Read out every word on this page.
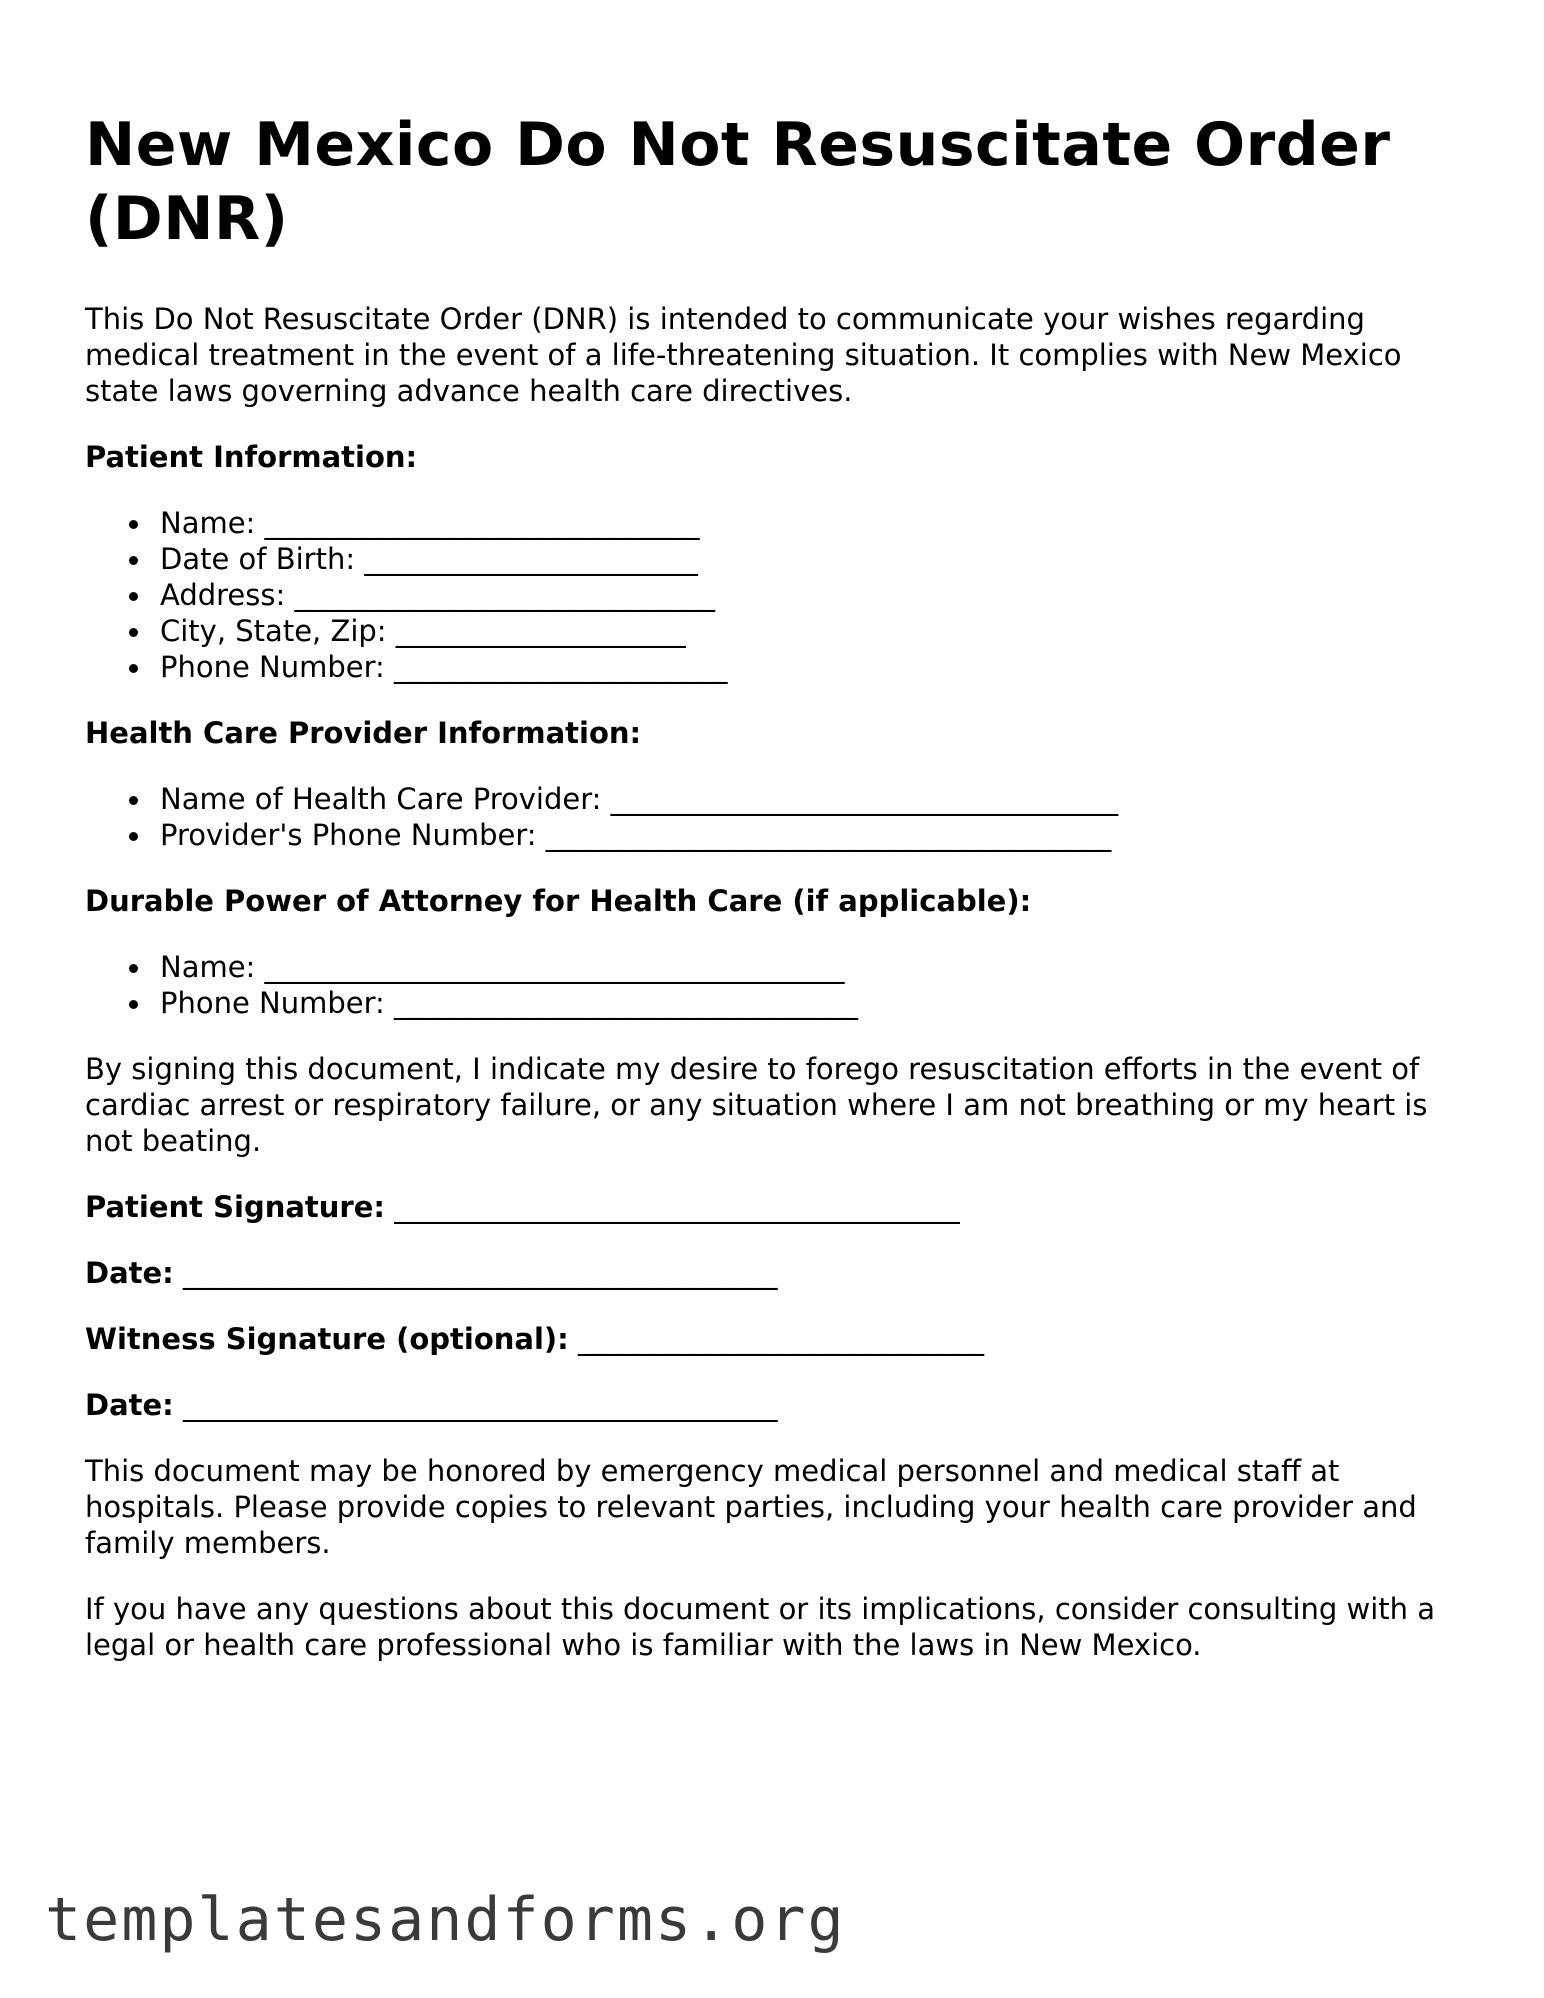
New Mexico Do Not Resuscitate Order (DNR)

This Do Not Resuscitate Order (DNR) is intended to communicate your wishes regarding medical treatment in the event of a life-threatening situation. It complies with New Mexico state laws governing advance health care directives.

Patient Information:
Name: ______________________________
Date of Birth: _______________________
Address: _____________________________
City, State, Zip: ____________________
Phone Number: _______________________
Health Care Provider Information:
Name of Health Care Provider: ___________________________________
Provider's Phone Number: _______________________________________
Durable Power of Attorney for Health Care (if applicable):
Name: ________________________________________
Phone Number: ________________________________

By signing this document, I indicate my desire to forego resuscitation efforts in the event of cardiac arrest or respiratory failure, or any situation where I am not breathing or my heart is not beating.

Patient Signature: _______________________________________
Date: _________________________________________
Witness Signature (optional): ____________________________
Date: _________________________________________

This document may be honored by emergency medical personnel and medical staff at hospitals. Please provide copies to relevant parties, including your health care provider and family members.

If you have any questions about this document or its implications, consider consulting with a legal or health care professional who is familiar with the laws in New Mexico.

templatesandforms.org
